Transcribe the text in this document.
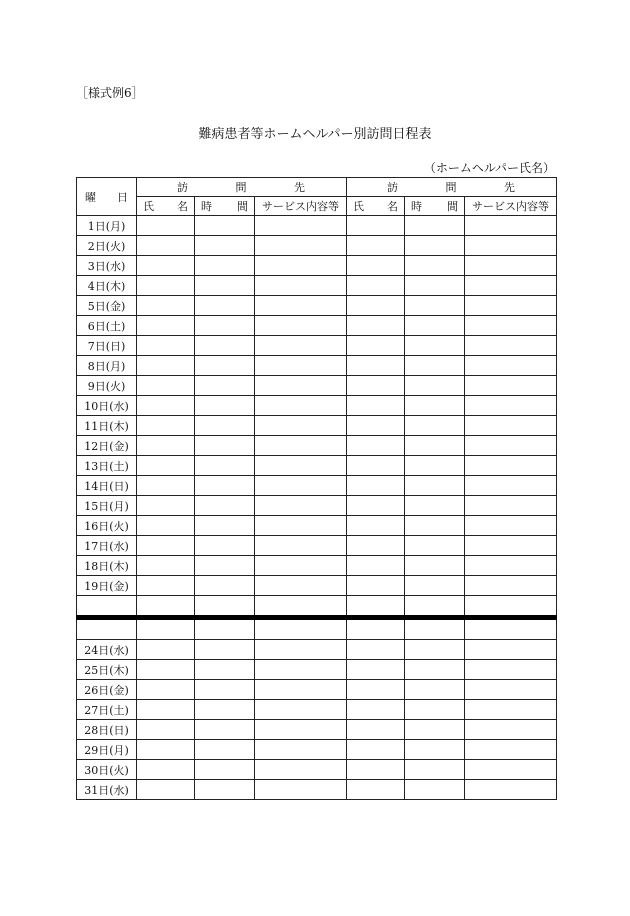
［様式例6］
難病患者等ホームヘルパー別訪問日程表
（ホームヘルパー氏名）
曜 日	訪 問 先			訪 問 先		

	氏 名	時 間	サービス内容等	氏 名	時 間	サービス内容等
1日(月)						
2日(火)						
3日(水)						
4日(木)						
5日(金)						
6日(土)						
7日(日)						
8日(月)						
9日(火)						
10日(水)						
11日(木)						
12日(金)						
13日(土)						
14日(日)						
15日(月)						
16日(火)						
17日(水)						
18日(木)						
19日(金)						

24日(水)						
25日(木)						
26日(金)						
27日(土)						
28日(日)						
29日(月)						
30日(火)						
31日(水)						
